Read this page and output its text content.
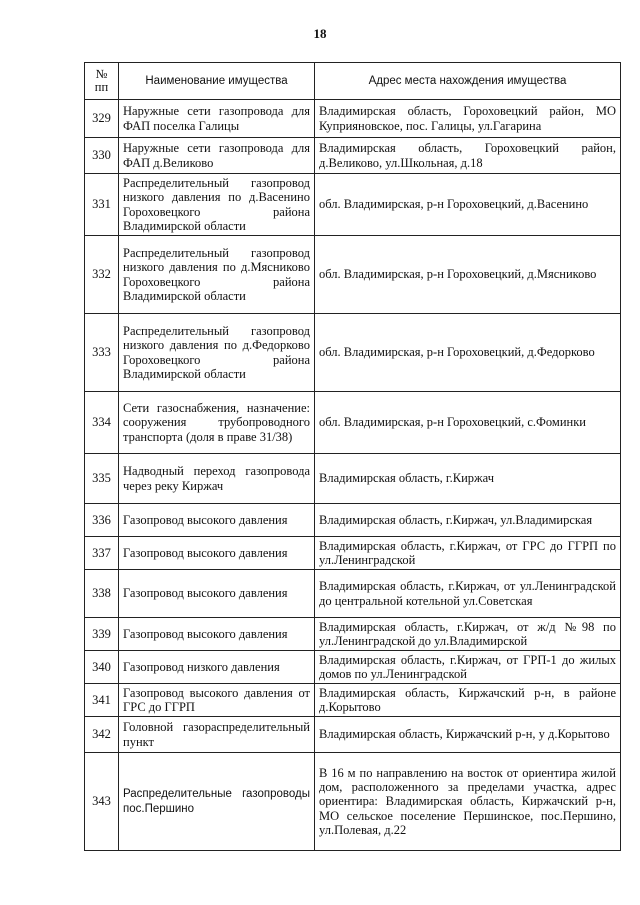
18
№
пп	Наименование имущества	Адрес места нахождения имущества
329	Наружные сети газопровода для ФАП поселка Галицы	Владимирская область, Гороховецкий район, МО Куприяновское, пос. Галицы, ул.Гагарина
330	Наружные сети газопровода для ФАП д.Великово	Владимирская область, Гороховецкий район, д.Великово, ул.Школьная, д.18
331	Распределительный газопровод низкого давления по д.Васенино Гороховецкого района Владимирской области	обл. Владимирская, р-н Гороховецкий, д.Васенино
332	Распределительный газопровод низкого давления по д.Мясниково Гороховецкого района Владимирской области	обл. Владимирская, р-н Гороховецкий, д.Мясниково
333	Распределительный газопровод низкого давления по д.Федорково Гороховецкого района Владимирской области	обл. Владимирская, р-н Гороховецкий, д.Федорково
334	Сети газоснабжения, назначение: сооружения трубопроводного транспорта (доля в праве 31/38)	обл. Владимирская, р-н Гороховецкий, с.Фоминки
335	Надводный переход газопровода через реку Киржач	Владимирская область, г.Киржач
336	Газопровод высокого давления	Владимирская область, г.Киржач, ул.Владимирская
337	Газопровод высокого давления	Владимирская область, г.Киржач, от ГРС до ГГРП по ул.Ленинградской
338	Газопровод высокого давления	Владимирская область, г.Киржач, от ул.Ленинградской до центральной котельной ул.Советская
339	Газопровод высокого давления	Владимирская область, г.Киржач, от ж/д №98 по ул.Ленинградской до ул.Владимирской
340	Газопровод низкого давления	Владимирская область, г.Киржач, от ГРП-1 до жилых домов по ул.Ленинградской
341	Газопровод высокого давления от ГРС до ГГРП	Владимирская область, Киржачский р-н, в районе д.Корытово
342	Головной газораспределительный пункт	Владимирская область, Киржачский р-н, у д.Корытово
343	Распределительные газопроводы пос.Першино	В 16 м по направлению на восток от ориентира жилой дом, расположенного за пределами участка, адрес ориентира: Владимирская область, Киржачский р-н, МО сельское поселение Першинское, пос.Першино, ул.Полевая, д.22
